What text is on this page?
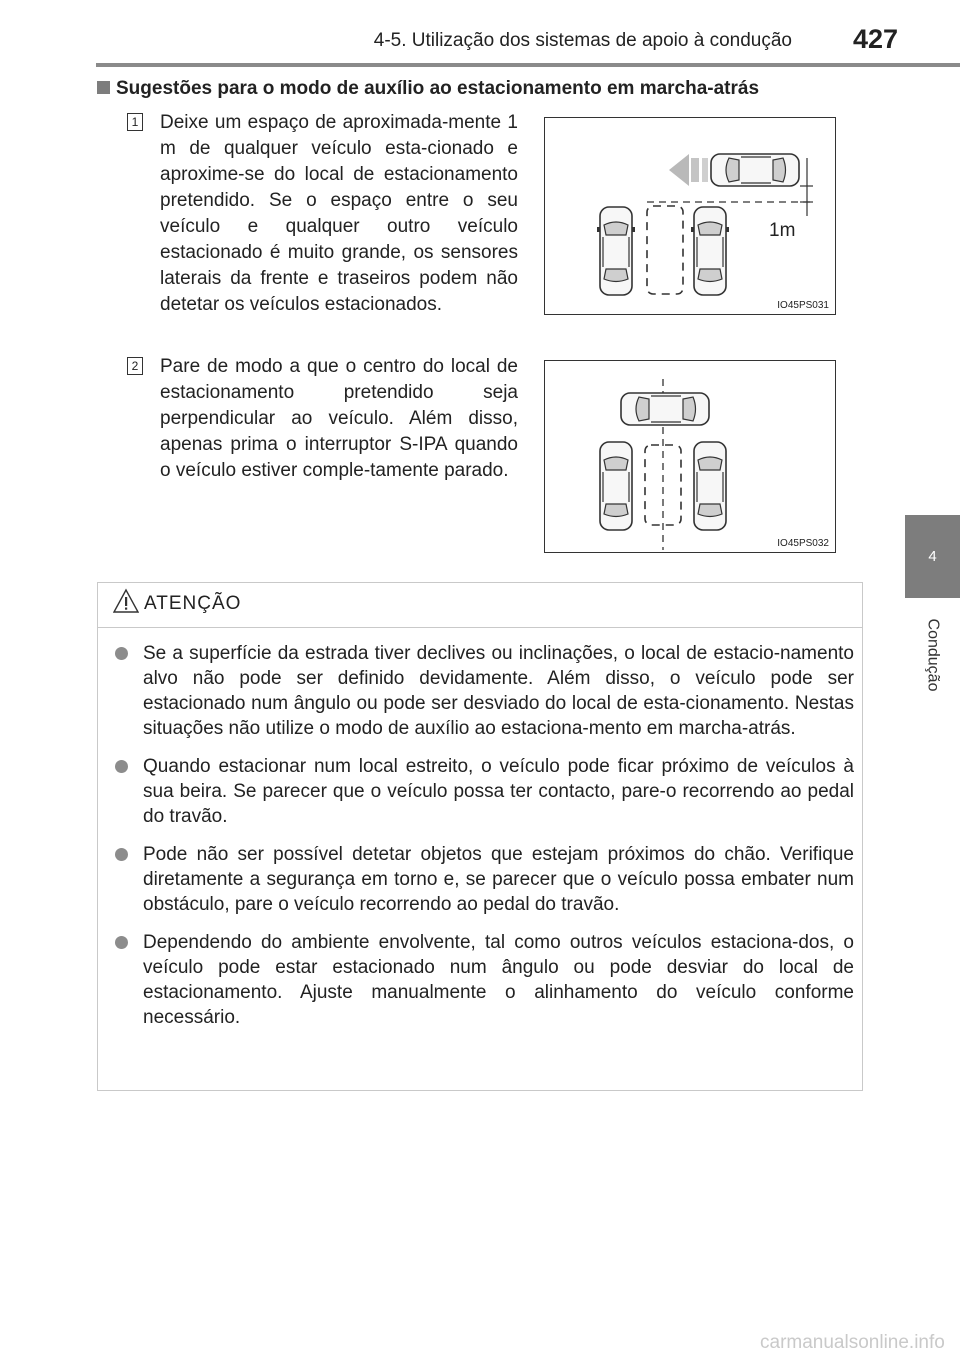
4-5. Utilização dos sistemas de apoio à condução	427
4
Condução
Sugestões para o modo de auxílio ao estacionamento em marcha-atrás
1 Deixe um espaço de aproximada-mente 1 m de qualquer veículo esta-cionado e aproxime-se do local de estacionamento pretendido. Se o espaço entre o seu veículo e qualquer outro veículo estacionado é muito grande, os sensores laterais da frente e traseiros podem não detetar os veículos estacionados.
1m
IO45PS031
2 Pare de modo a que o centro do local de estacionamento pretendido seja perpendicular ao veículo. Além disso, apenas prima o interruptor S-IPA quando o veículo estiver comple-tamente parado.
IO45PS032
ATENÇÃO
Se a superfície da estrada tiver declives ou inclinações, o local de estacio-namento alvo não pode ser definido devidamente. Além disso, o veículo pode ser estacionado num ângulo ou pode ser desviado do local de esta-cionamento. Nestas situações não utilize o modo de auxílio ao estaciona-mento em marcha-atrás.
Quando estacionar num local estreito, o veículo pode ficar próximo de veículos à sua beira. Se parecer que o veículo possa ter contacto, pare-o recorrendo ao pedal do travão.
Pode não ser possível detetar objetos que estejam próximos do chão. Verifique diretamente a segurança em torno e, se parecer que o veículo possa embater num obstáculo, pare o veículo recorrendo ao pedal do travão.
Dependendo do ambiente envolvente, tal como outros veículos estaciona-dos, o veículo pode estar estacionado num ângulo ou pode desviar do local de estacionamento. Ajuste manualmente o alinhamento do veículo conforme necessário.
carmanualsonline.info
